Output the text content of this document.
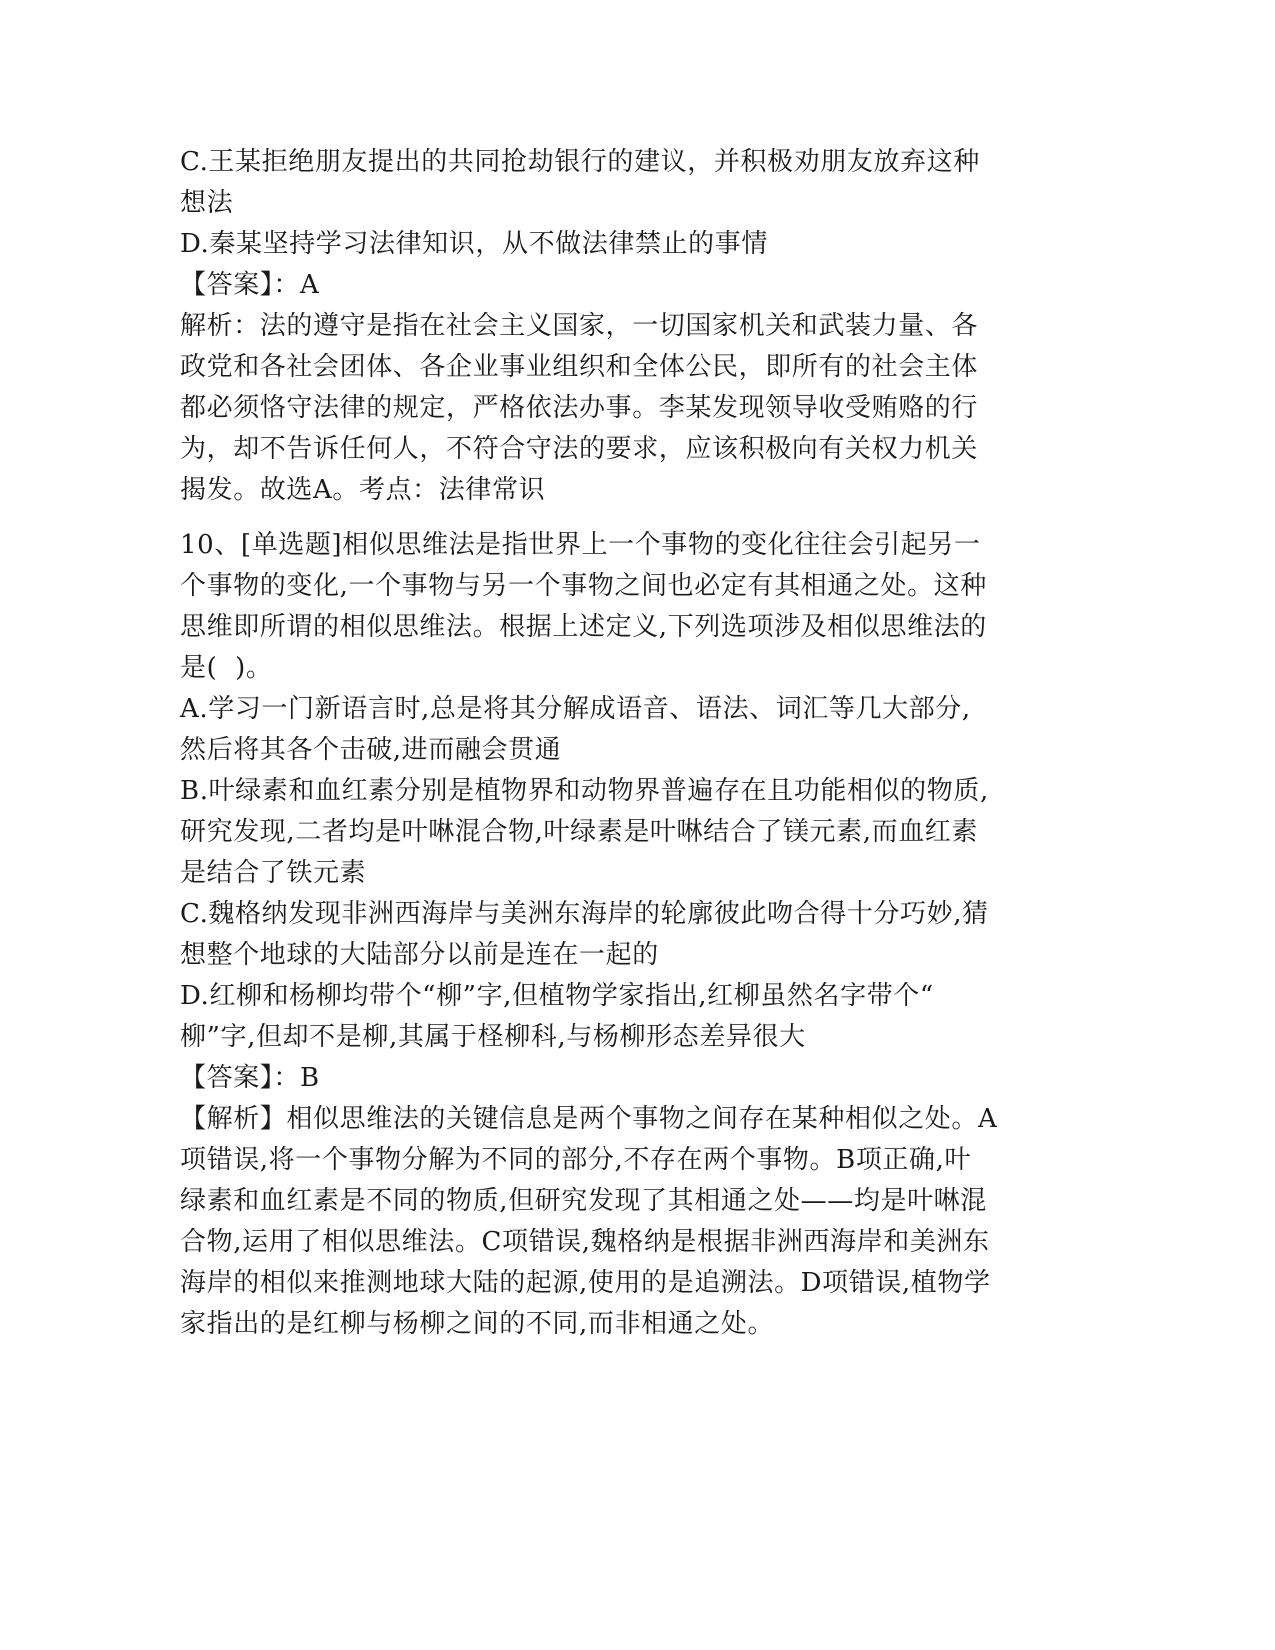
C.王某拒绝朋友提出的共同抢劫银行的建议，并积极劝朋友放弃这种
想法
D.秦某坚持学习法律知识，从不做法律禁止的事情
【答案】：A
解析：法的遵守是指在社会主义国家，一切国家机关和武装力量、各
政党和各社会团体、各企业事业组织和全体公民，即所有的社会主体
都必须恪守法律的规定，严格依法办事。李某发现领导收受贿赂的行
为，却不告诉任何人，不符合守法的要求，应该积极向有关权力机关
揭发。故选A。考点：法律常识
10、[单选题]相似思维法是指世界上一个事物的变化往往会引起另一
个事物的变化,一个事物与另一个事物之间也必定有其相通之处。这种
思维即所谓的相似思维法。根据上述定义,下列选项涉及相似思维法的
是(  )。
A.学习一门新语言时,总是将其分解成语音、语法、词汇等几大部分,
然后将其各个击破,进而融会贯通
B.叶绿素和血红素分别是植物界和动物界普遍存在且功能相似的物质,
研究发现,二者均是叶啉混合物,叶绿素是叶啉结合了镁元素,而血红素
是结合了铁元素
C.魏格纳发现非洲西海岸与美洲东海岸的轮廓彼此吻合得十分巧妙,猜
想整个地球的大陆部分以前是连在一起的
D.红柳和杨柳均带个“柳”字,但植物学家指出,红柳虽然名字带个“
柳”字,但却不是柳,其属于柽柳科,与杨柳形态差异很大
【答案】：B
【解析】相似思维法的关键信息是两个事物之间存在某种相似之处。A
项错误,将一个事物分解为不同的部分,不存在两个事物。B项正确,叶
绿素和血红素是不同的物质,但研究发现了其相通之处——均是叶啉混
合物,运用了相似思维法。C项错误,魏格纳是根据非洲西海岸和美洲东
海岸的相似来推测地球大陆的起源,使用的是追溯法。D项错误,植物学
家指出的是红柳与杨柳之间的不同,而非相通之处。
